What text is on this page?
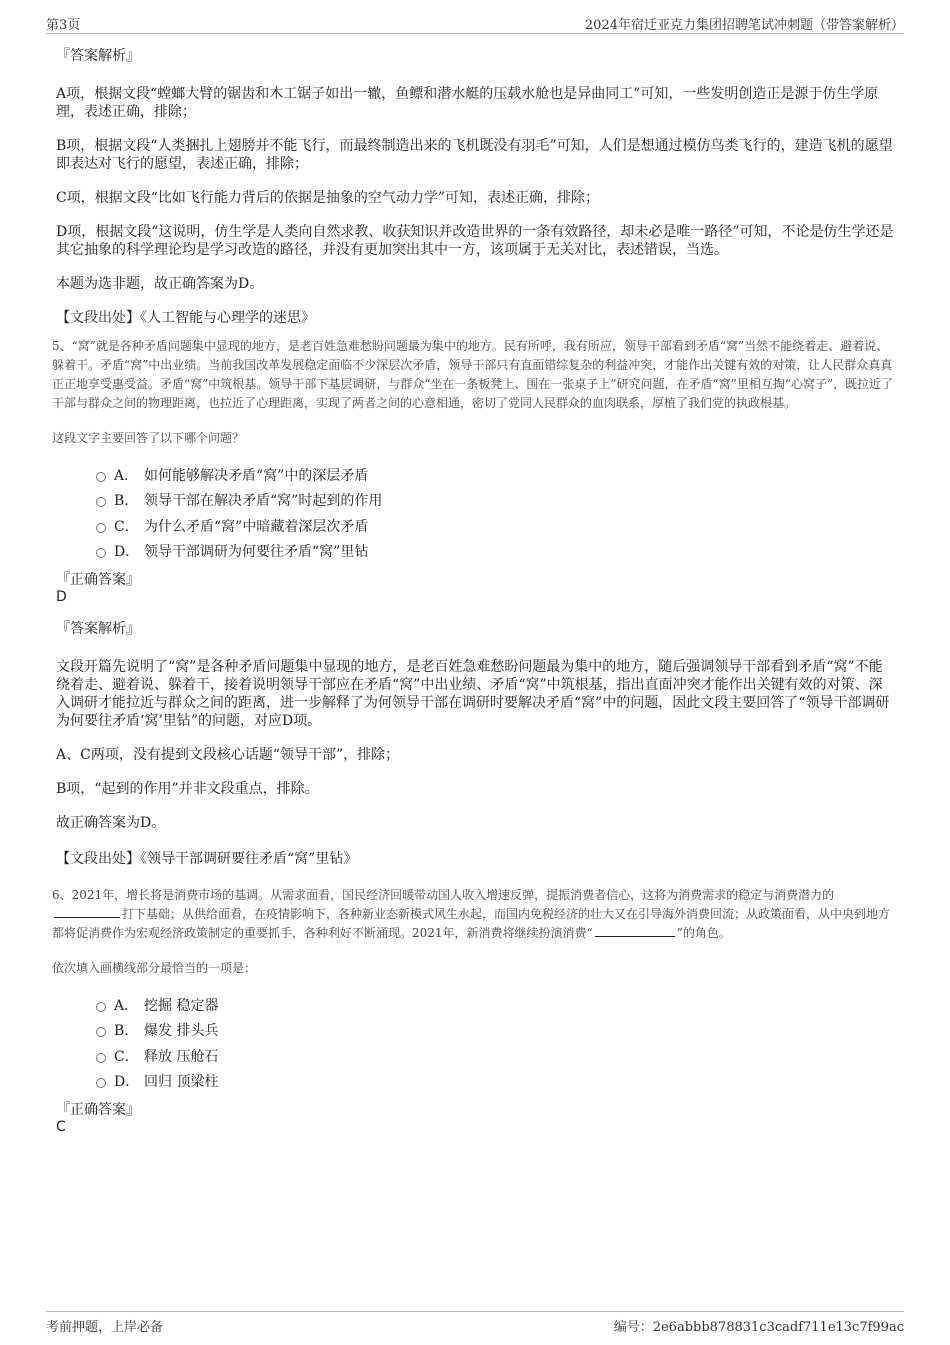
第3页	2024年宿迁亚克力集团招聘笔试冲刺题（带答案解析）
『答案解析』
A项，根据文段“螳螂大臂的锯齿和木工锯子如出一辙，鱼鳔和潜水艇的压载水舱也是异曲同工”可知，一些发明创造正是源于仿生学原理，表述正确，排除；
B项，根据文段“人类捆扎上翅膀并不能飞行，而最终制造出来的飞机既没有羽毛”可知，人们是想通过模仿鸟类飞行的，建造飞机的愿望即表达对飞行的愿望，表述正确，排除；
C项，根据文段“比如飞行能力背后的依据是抽象的空气动力学”可知，表述正确，排除；
D项，根据文段“这说明，仿生学是人类向自然求教、收获知识并改造世界的一条有效路径，却未必是唯一路径”可知，不论是仿生学还是其它抽象的科学理论均是学习改造的路径，并没有更加突出其中一方，该项属于无关对比，表述错误，当选。
本题为选非题，故正确答案为D。
【文段出处】《人工智能与心理学的迷思》
5、“窝”就是各种矛盾问题集中显现的地方，是老百姓急难愁盼问题最为集中的地方。民有所呼，我有所应，领导干部看到矛盾“窝”当然不能绕着走、避着说、躲着干。矛盾“窝”中出业绩。当前我国改革发展稳定面临不少深层次矛盾，领导干部只有直面错综复杂的利益冲突，才能作出关键有效的对策，让人民群众真真正正地享受惠受益。矛盾“窝”中筑根基。领导干部下基层调研，与群众“坐在一条板凳上、围在一张桌子上”研究问题，在矛盾“窝”里相互掏“心窝子”，既拉近了干部与群众之间的物理距离，也拉近了心理距离，实现了两者之间的心意相通，密切了党同人民群众的血肉联系，厚植了我们党的执政根基。
这段文字主要回答了以下哪个问题？
A． 如何能够解决矛盾“窝”中的深层矛盾
B． 领导干部在解决矛盾“窝”时起到的作用
C． 为什么矛盾“窝”中暗藏着深层次矛盾
D． 领导干部调研为何要往矛盾“窝”里钻
『正确答案』
D
『答案解析』
文段开篇先说明了“窝”是各种矛盾问题集中显现的地方，是老百姓急难愁盼问题最为集中的地方，随后强调领导干部看到矛盾“窝”不能绕着走、避着说、躲着干，接着说明领导干部应在矛盾“窝”中出业绩、矛盾“窝”中筑根基，指出直面冲突才能作出关键有效的对策、深入调研才能拉近与群众之间的距离，进一步解释了为何领导干部在调研时要解决矛盾“窝”中的问题，因此文段主要回答了“领导干部调研为何要往矛盾‘窝’里钻”的问题，对应D项。
A、C两项，没有提到文段核心话题“领导干部”，排除；
B项，“起到的作用”并非文段重点，排除。
故正确答案为D。
【文段出处】《领导干部调研要往矛盾“窝”里钻》
6、2021年，增长将是消费市场的基调。从需求面看，国民经济回暖带动国人收入增速反弹，提振消费者信心，这将为消费需求的稳定与消费潜力的打下基础；从供给面看，在疫情影响下，各种新业态新模式风生水起，而国内免税经济的壮大又在引导海外消费回流；从政策面看，从中央到地方都将促消费作为宏观经济政策制定的重要抓手，各种利好不断涌现。2021年，新消费将继续扮演消费“	”的角色。
依次填入画横线部分最恰当的一项是：
A． 挖掘 稳定器
B． 爆发 排头兵
C． 释放 压舱石
D． 回归 顶梁柱
『正确答案』
C
考前押题，上岸必备	编号：2e6abbb878831c3cadf711e13c7f99ac
